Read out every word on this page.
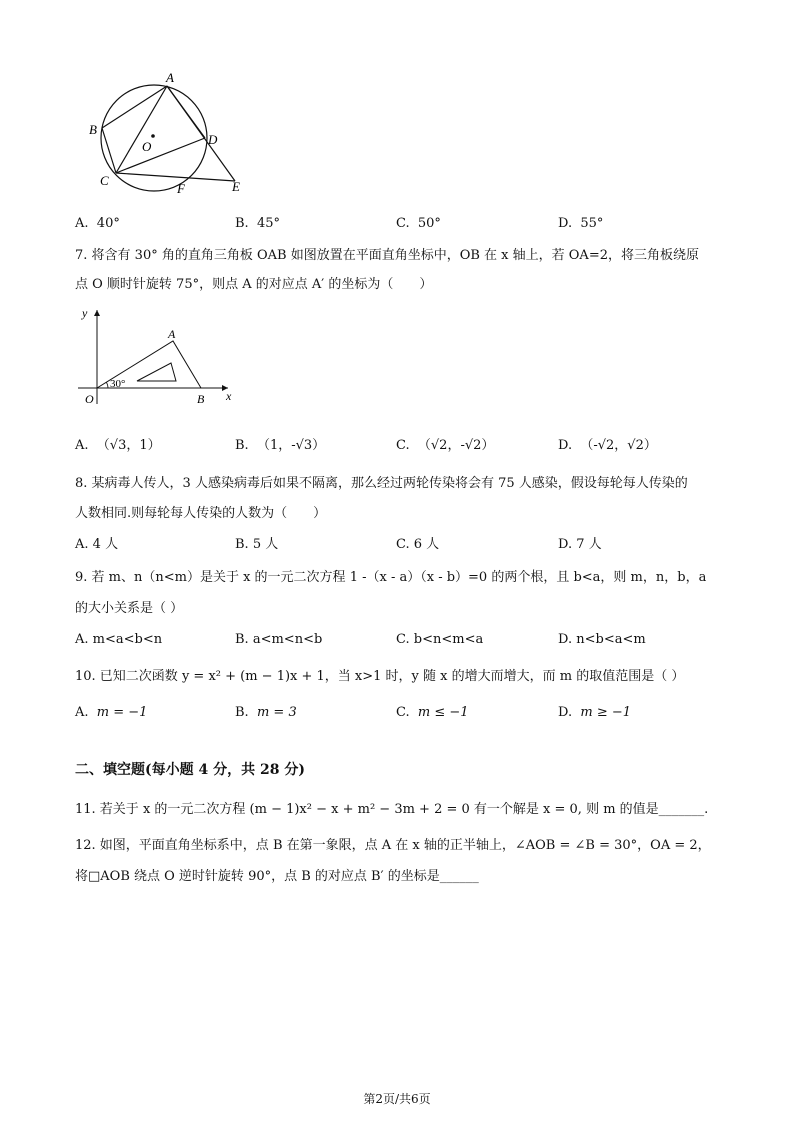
A
B
C
D
E
F
O
A. 40°	B. 45°	C. 50°	D. 55°
7. 将含有 30° 角的直角三角板 OAB 如图放置在平面直角坐标中，OB 在 x 轴上，若 OA=2，将三角板绕原
点 O 顺时针旋转 75°，则点 A 的对应点 A′ 的坐标为（　　）
y
x
O
A
B
30°
A. （√3，1）	B. （1，-√3）	C. （√2，-√2）	D. （-√2，√2）
8. 某病毒人传人，3 人感染病毒后如果不隔离，那么经过两轮传染将会有 75 人感染，假设每轮每人传染的
人数相同.则每轮每人传染的人数为（　　）
A. 4 人	B. 5 人	C. 6 人	D. 7 人
9. 若 m、n（n<m）是关于 x 的一元二次方程 1 -（x - a）（x - b）=0 的两个根，且 b<a，则 m，n，b，a
的大小关系是（ ）
A. m<a<b<n	B. a<m<n<b	C. b<n<m<a	D. n<b<a<m
10. 已知二次函数 y = x² + (m − 1)x + 1，当 x>1 时，y 随 x 的增大而增大，而 m 的取值范围是（ ）
A. m = −1	B. m = 3	C. m ≤ −1	D. m ≥ −1
二、填空题(每小题 4 分，共 28 分)
11. 若关于 x 的一元二次方程 (m − 1)x² − x + m² − 3m + 2 = 0 有一个解是 x = 0, 则 m 的值是_______.
12. 如图，平面直角坐标系中，点 B 在第一象限，点 A 在 x 轴的正半轴上，∠AOB = ∠B = 30°，OA = 2，
将□AOB 绕点 O 逆时针旋转 90°，点 B 的对应点 B′ 的坐标是______
第2页/共6页
